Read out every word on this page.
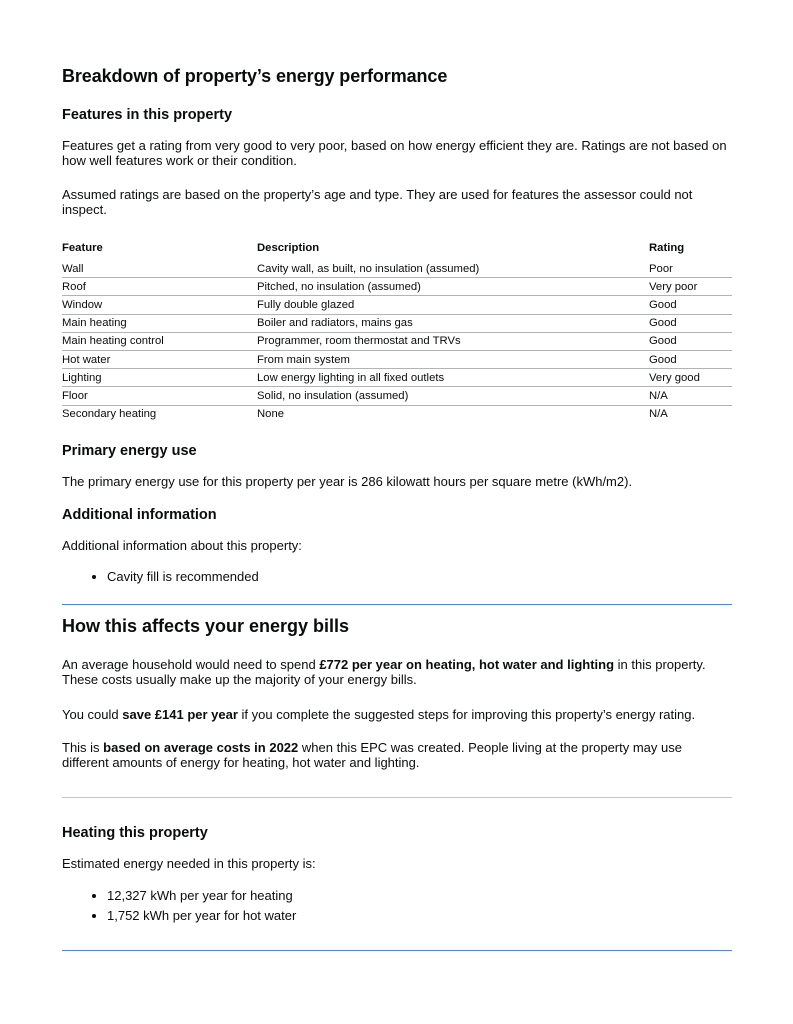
Breakdown of property’s energy performance
Features in this property

Features get a rating from very good to very poor, based on how energy efficient they are. Ratings are not based on how well features work or their condition.

Assumed ratings are based on the property’s age and type. They are used for features the assessor could not inspect.

Feature	Description	Rating
Wall	Cavity wall, as built, no insulation (assumed)	Poor
Roof	Pitched, no insulation (assumed)	Very poor
Window	Fully double glazed	Good
Main heating	Boiler and radiators, mains gas	Good
Main heating control	Programmer, room thermostat and TRVs	Good
Hot water	From main system	Good
Lighting	Low energy lighting in all fixed outlets	Very good
Floor	Solid, no insulation (assumed)	N/A
Secondary heating	None	N/A
Primary energy use

The primary energy use for this property per year is 286 kilowatt hours per square metre (kWh/m2).

Additional information

Additional information about this property:

• Cavity fill is recommended
How this affects your energy bills

An average household would need to spend £772 per year on heating, hot water and lighting in this property. These costs usually make up the majority of your energy bills.

You could save £141 per year if you complete the suggested steps for improving this property’s energy rating.

This is based on average costs in 2022 when this EPC was created. People living at the property may use different amounts of energy for heating, hot water and lighting.

Heating this property

Estimated energy needed in this property is:

• 12,327 kWh per year for heating
• 1,752 kWh per year for hot water
